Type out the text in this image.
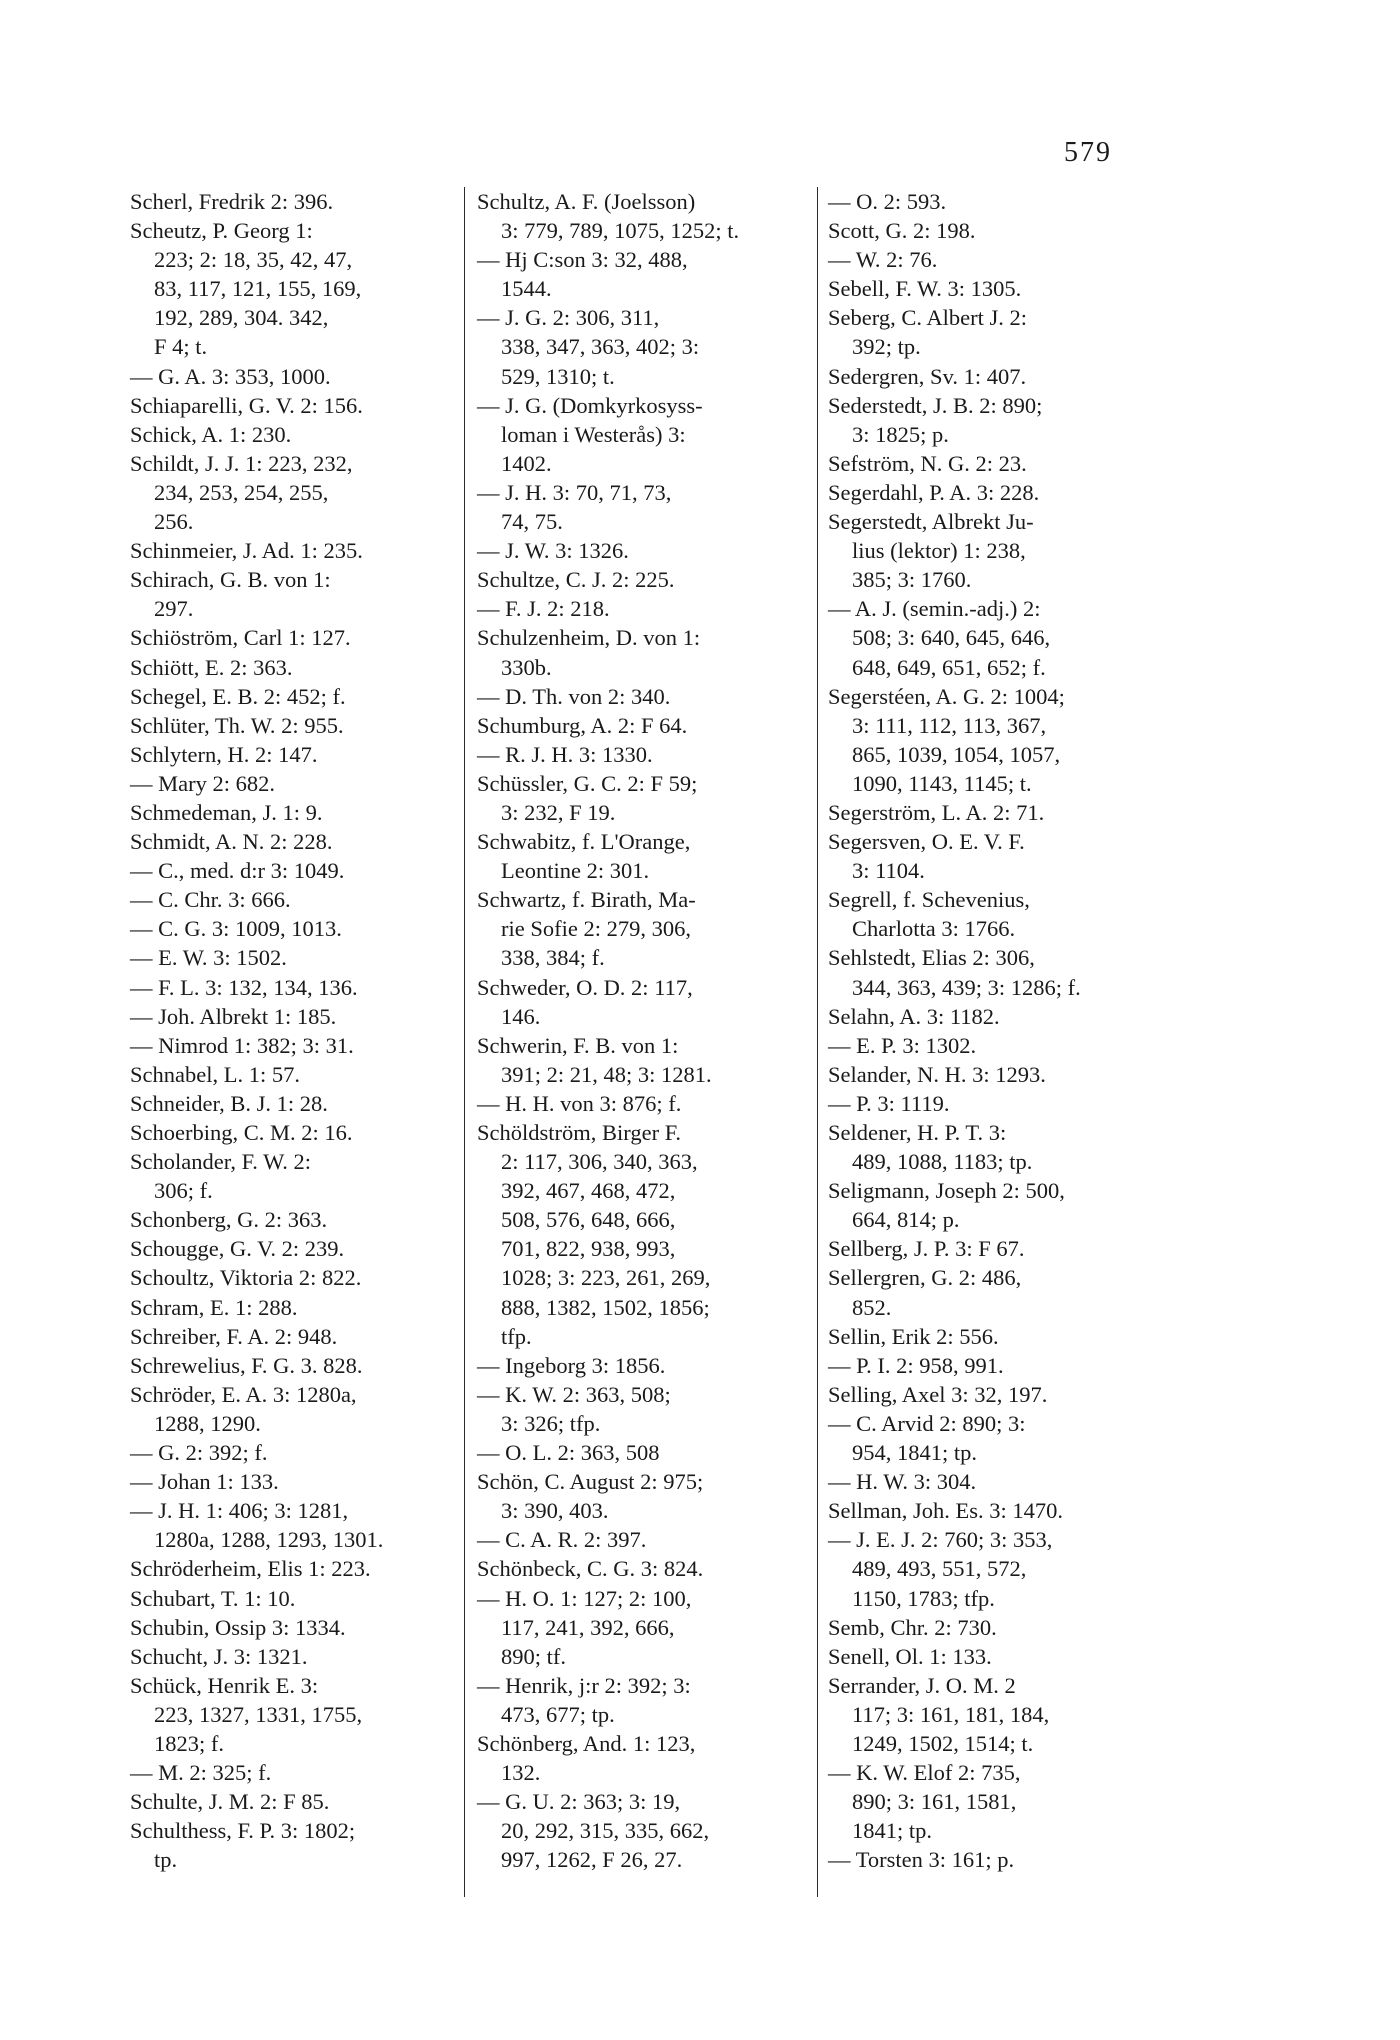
579
Scherl, Fredrik 2: 396.
Scheutz, P. Georg 1:
223; 2: 18, 35, 42, 47,
83, 117, 121, 155, 169,
192, 289, 304. 342,
F 4; t.
— G. A. 3: 353, 1000.
Schiaparelli, G. V. 2: 156.
Schick, A. 1: 230.
Schildt, J. J. 1: 223, 232,
234, 253, 254, 255,
256.
Schinmeier, J. Ad. 1: 235.
Schirach, G. B. von 1:
297.
Schiöström, Carl 1: 127.
Schiött, E. 2: 363.
Schegel, E. B. 2: 452; f.
Schlüter, Th. W. 2: 955.
Schlytern, H. 2: 147.
— Mary 2: 682.
Schmedeman, J. 1: 9.
Schmidt, A. N. 2: 228.
— C., med. d:r 3: 1049.
— C. Chr. 3: 666.
— C. G. 3: 1009, 1013.
— E. W. 3: 1502.
— F. L. 3: 132, 134, 136.
— Joh. Albrekt 1: 185.
— Nimrod 1: 382; 3: 31.
Schnabel, L. 1: 57.
Schneider, B. J. 1: 28.
Schoerbing, C. M. 2: 16.
Scholander, F. W. 2:
306; f.
Schonberg, G. 2: 363.
Schougge, G. V. 2: 239.
Schoultz, Viktoria 2: 822.
Schram, E. 1: 288.
Schreiber, F. A. 2: 948.
Schrewelius, F. G. 3. 828.
Schröder, E. A. 3: 1280a,
1288, 1290.
— G. 2: 392; f.
— Johan 1: 133.
— J. H. 1: 406; 3: 1281,
1280a, 1288, 1293, 1301.
Schröderheim, Elis 1: 223.
Schubart, T. 1: 10.
Schubin, Ossip 3: 1334.
Schucht, J. 3: 1321.
Schück, Henrik E. 3:
223, 1327, 1331, 1755,
1823; f.
— M. 2: 325; f.
Schulte, J. M. 2: F 85.
Schulthess, F. P. 3: 1802;
tp.
Schultz, A. F. (Joelsson)
3: 779, 789, 1075, 1252; t.
— Hj C:son 3: 32, 488,
1544.
— J. G. 2: 306, 311,
338, 347, 363, 402; 3:
529, 1310; t.
— J. G. (Domkyrkosyss-
loman i Westerås) 3:
1402.
— J. H. 3: 70, 71, 73,
74, 75.
— J. W. 3: 1326.
Schultze, C. J. 2: 225.
— F. J. 2: 218.
Schulzenheim, D. von 1:
330b.
— D. Th. von 2: 340.
Schumburg, A. 2: F 64.
— R. J. H. 3: 1330.
Schüssler, G. C. 2: F 59;
3: 232, F 19.
Schwabitz, f. L'Orange,
Leontine 2: 301.
Schwartz, f. Birath, Ma-
rie Sofie 2: 279, 306,
338, 384; f.
Schweder, O. D. 2: 117,
146.
Schwerin, F. B. von 1:
391; 2: 21, 48; 3: 1281.
— H. H. von 3: 876; f.
Schöldström, Birger F.
2: 117, 306, 340, 363,
392, 467, 468, 472,
508, 576, 648, 666,
701, 822, 938, 993,
1028; 3: 223, 261, 269,
888, 1382, 1502, 1856;
tfp.
— Ingeborg 3: 1856.
— K. W. 2: 363, 508;
3: 326; tfp.
— O. L. 2: 363, 508
Schön, C. August 2: 975;
3: 390, 403.
— C. A. R. 2: 397.
Schönbeck, C. G. 3: 824.
— H. O. 1: 127; 2: 100,
117, 241, 392, 666,
890; tf.
— Henrik, j:r 2: 392; 3:
473, 677; tp.
Schönberg, And. 1: 123,
132.
— G. U. 2: 363; 3: 19,
20, 292, 315, 335, 662,
997, 1262, F 26, 27.
— O. 2: 593.
Scott, G. 2: 198.
— W. 2: 76.
Sebell, F. W. 3: 1305.
Seberg, C. Albert J. 2:
392; tp.
Sedergren, Sv. 1: 407.
Sederstedt, J. B. 2: 890;
3: 1825; p.
Sefström, N. G. 2: 23.
Segerdahl, P. A. 3: 228.
Segerstedt, Albrekt Ju-
lius (lektor) 1: 238,
385; 3: 1760.
— A. J. (semin.-adj.) 2:
508; 3: 640, 645, 646,
648, 649, 651, 652; f.
Segerstéen, A. G. 2: 1004;
3: 111, 112, 113, 367,
865, 1039, 1054, 1057,
1090, 1143, 1145; t.
Segerström, L. A. 2: 71.
Segersven, O. E. V. F.
3: 1104.
Segrell, f. Schevenius,
Charlotta 3: 1766.
Sehlstedt, Elias 2: 306,
344, 363, 439; 3: 1286; f.
Selahn, A. 3: 1182.
— E. P. 3: 1302.
Selander, N. H. 3: 1293.
— P. 3: 1119.
Seldener, H. P. T. 3:
489, 1088, 1183; tp.
Seligmann, Joseph 2: 500,
664, 814; p.
Sellberg, J. P. 3: F 67.
Sellergren, G. 2: 486,
852.
Sellin, Erik 2: 556.
— P. I. 2: 958, 991.
Selling, Axel 3: 32, 197.
— C. Arvid 2: 890; 3:
954, 1841; tp.
— H. W. 3: 304.
Sellman, Joh. Es. 3: 1470.
— J. E. J. 2: 760; 3: 353,
489, 493, 551, 572,
1150, 1783; tfp.
Semb, Chr. 2: 730.
Senell, Ol. 1: 133.
Serrander, J. O. M. 2
117; 3: 161, 181, 184,
1249, 1502, 1514; t.
— K. W. Elof 2: 735,
890; 3: 161, 1581,
1841; tp.
— Torsten 3: 161; p.
